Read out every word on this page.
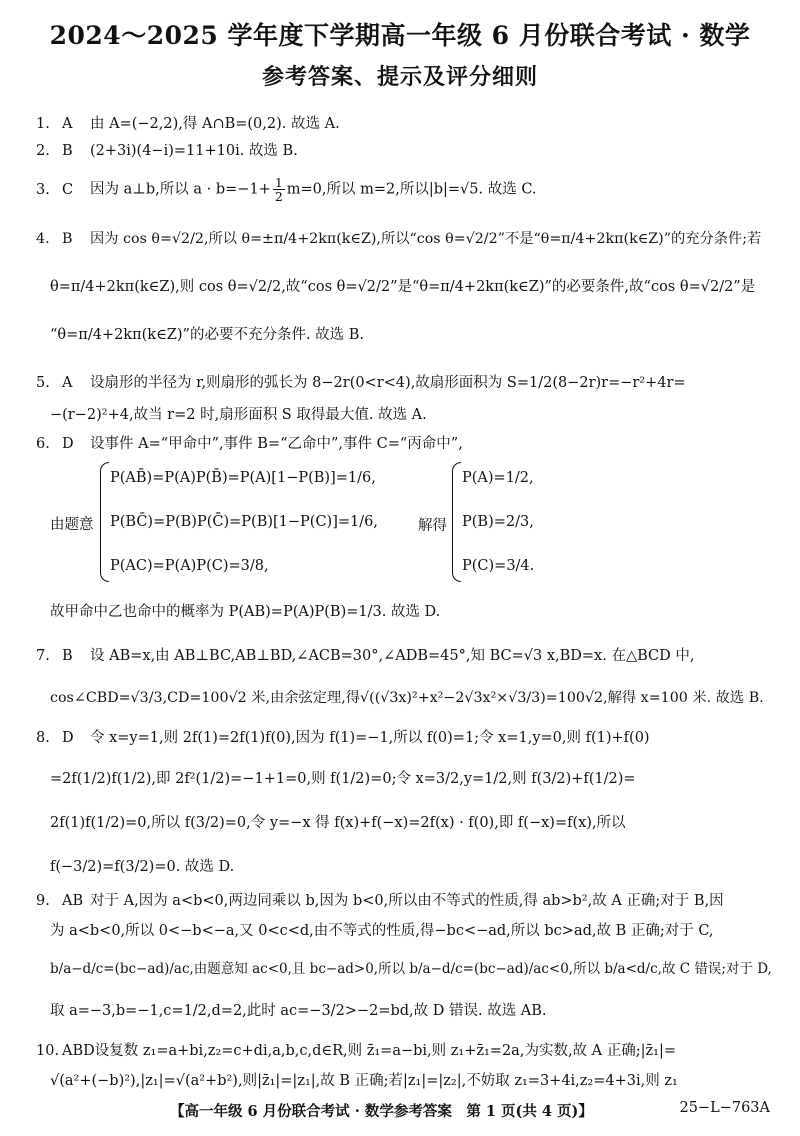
2024～2025 学年度下学期高一年级 6 月份联合考试 · 数学
参考答案、提示及评分细则
1. A 由 A=(−2,2),得 A∩B=(0,2). 故选 A.
2. B (2+3i)(4−i)=11+10i. 故选 B.
3. C 因为 a⊥b,所以 $a \cdot b=-1+ \frac{1}{2} m=0$,所以 m=2,所以|b|=√5. 故选 C.
4. B 因为 cos θ=√2/2,所以 θ=±π/4+2kπ(k∈Z),所以“cos θ=√2/2”不是“θ=π/4+2kπ(k∈Z)”的充分条件;若
θ=π/4+2kπ(k∈Z),则 cos θ=√2/2,故“cos θ=√2/2”是“θ=π/4+2kπ(k∈Z)”的必要条件,故“cos θ=√2/2”是
“θ=π/4+2kπ(k∈Z)”的必要不充分条件. 故选 B.
5. A 设扇形的半径为 r,则扇形的弧长为 8−2r(0<r<4),故扇形面积为 S=1/2(8−2r)r=−r²+4r=
−(r−2)²+4,故当 r=2 时,扇形面积 S 取得最大值. 故选 A.
6. D 设事件 A=“甲命中”,事件 B=“乙命中”,事件 C=“丙命中”,
由题意
P(AB̄)=P(A)P(B̄)=P(A)[1−P(B)]=1/6,
P(BC̄)=P(B)P(C̄)=P(B)[1−P(C)]=1/6,
P(AC)=P(A)P(C)=3/8,
解得
P(A)=1/2,
P(B)=2/3,
P(C)=3/4.
故甲命中乙也命中的概率为 P(AB)=P(A)P(B)=1/3. 故选 D.
7. B 设 AB=x,由 AB⊥BC,AB⊥BD,∠ACB=30°,∠ADB=45°,知 BC=√3 x,BD=x. 在△BCD 中,
cos∠CBD=√3/3,CD=100√2 米,由余弦定理,得√((√3x)²+x²−2√3x²×√3/3)=100√2,解得 x=100 米. 故选 B.
8. D 令 x=y=1,则 2f(1)=2f(1)f(0),因为 f(1)=−1,所以 f(0)=1;令 x=1,y=0,则 f(1)+f(0)
=2f(1/2)f(1/2),即 2f²(1/2)=−1+1=0,则 f(1/2)=0;令 x=3/2,y=1/2,则 f(3/2)+f(1/2)=
2f(1)f(1/2)=0,所以 f(3/2)=0,令 y=−x 得 f(x)+f(−x)=2f(x) · f(0),即 f(−x)=f(x),所以
f(−3/2)=f(3/2)=0. 故选 D.
9. AB 对于 A,因为 a<b<0,两边同乘以 b,因为 b<0,所以由不等式的性质,得 ab>b²,故 A 正确;对于 B,因
为 a<b<0,所以 0<−b<−a,又 0<c<d,由不等式的性质,得−bc<−ad,所以 bc>ad,故 B 正确;对于 C,
b/a−d/c=(bc−ad)/ac,由题意知 ac<0,且 bc−ad>0,所以 b/a−d/c=(bc−ad)/ac<0,所以 b/a<d/c,故 C 错误;对于 D,
取 a=−3,b=−1,c=1/2,d=2,此时 ac=−3/2>−2=bd,故 D 错误. 故选 AB.
10. ABD设复数 z₁=a+bi,z₂=c+di,a,b,c,d∈R,则 z̄₁=a−bi,则 z₁+z̄₁=2a,为实数,故 A 正确;|z̄₁|=
√(a²+(−b)²),|z₁|=√(a²+b²),则|z̄₁|=|z₁|,故 B 正确;若|z₁|=|z₂|,不妨取 z₁=3+4i,z₂=4+3i,则 z₁
【高一年级 6 月份联合考试 · 数学参考答案　第 1 页(共 4 页)】	25−L−763A
